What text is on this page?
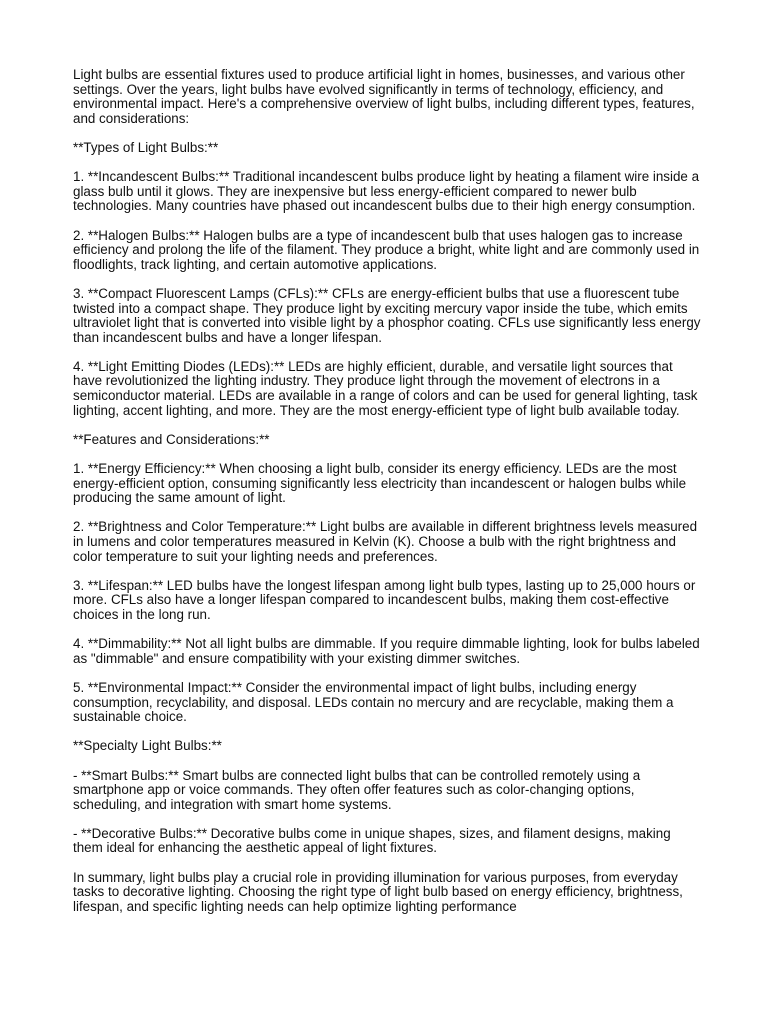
Light bulbs are essential fixtures used to produce artificial light in homes, businesses, and various other settings. Over the years, light bulbs have evolved significantly in terms of technology, efficiency, and environmental impact. Here's a comprehensive overview of light bulbs, including different types, features, and considerations:

**Types of Light Bulbs:**

1. **Incandescent Bulbs:** Traditional incandescent bulbs produce light by heating a filament wire inside a glass bulb until it glows. They are inexpensive but less energy-efficient compared to newer bulb technologies. Many countries have phased out incandescent bulbs due to their high energy consumption.

2. **Halogen Bulbs:** Halogen bulbs are a type of incandescent bulb that uses halogen gas to increase efficiency and prolong the life of the filament. They produce a bright, white light and are commonly used in floodlights, track lighting, and certain automotive applications.

3. **Compact Fluorescent Lamps (CFLs):** CFLs are energy-efficient bulbs that use a fluorescent tube twisted into a compact shape. They produce light by exciting mercury vapor inside the tube, which emits ultraviolet light that is converted into visible light by a phosphor coating. CFLs use significantly less energy than incandescent bulbs and have a longer lifespan.

4. **Light Emitting Diodes (LEDs):** LEDs are highly efficient, durable, and versatile light sources that have revolutionized the lighting industry. They produce light through the movement of electrons in a semiconductor material. LEDs are available in a range of colors and can be used for general lighting, task lighting, accent lighting, and more. They are the most energy-efficient type of light bulb available today.

**Features and Considerations:**

1. **Energy Efficiency:** When choosing a light bulb, consider its energy efficiency. LEDs are the most energy-efficient option, consuming significantly less electricity than incandescent or halogen bulbs while producing the same amount of light.

2. **Brightness and Color Temperature:** Light bulbs are available in different brightness levels measured in lumens and color temperatures measured in Kelvin (K). Choose a bulb with the right brightness and color temperature to suit your lighting needs and preferences.

3. **Lifespan:** LED bulbs have the longest lifespan among light bulb types, lasting up to 25,000 hours or more. CFLs also have a longer lifespan compared to incandescent bulbs, making them cost-effective choices in the long run.

4. **Dimmability:** Not all light bulbs are dimmable. If you require dimmable lighting, look for bulbs labeled as "dimmable" and ensure compatibility with your existing dimmer switches.

5. **Environmental Impact:** Consider the environmental impact of light bulbs, including energy consumption, recyclability, and disposal. LEDs contain no mercury and are recyclable, making them a sustainable choice.

**Specialty Light Bulbs:**

- **Smart Bulbs:** Smart bulbs are connected light bulbs that can be controlled remotely using a smartphone app or voice commands. They often offer features such as color-changing options, scheduling, and integration with smart home systems.

- **Decorative Bulbs:** Decorative bulbs come in unique shapes, sizes, and filament designs, making them ideal for enhancing the aesthetic appeal of light fixtures.

In summary, light bulbs play a crucial role in providing illumination for various purposes, from everyday tasks to decorative lighting. Choosing the right type of light bulb based on energy efficiency, brightness, lifespan, and specific lighting needs can help optimize lighting performance
